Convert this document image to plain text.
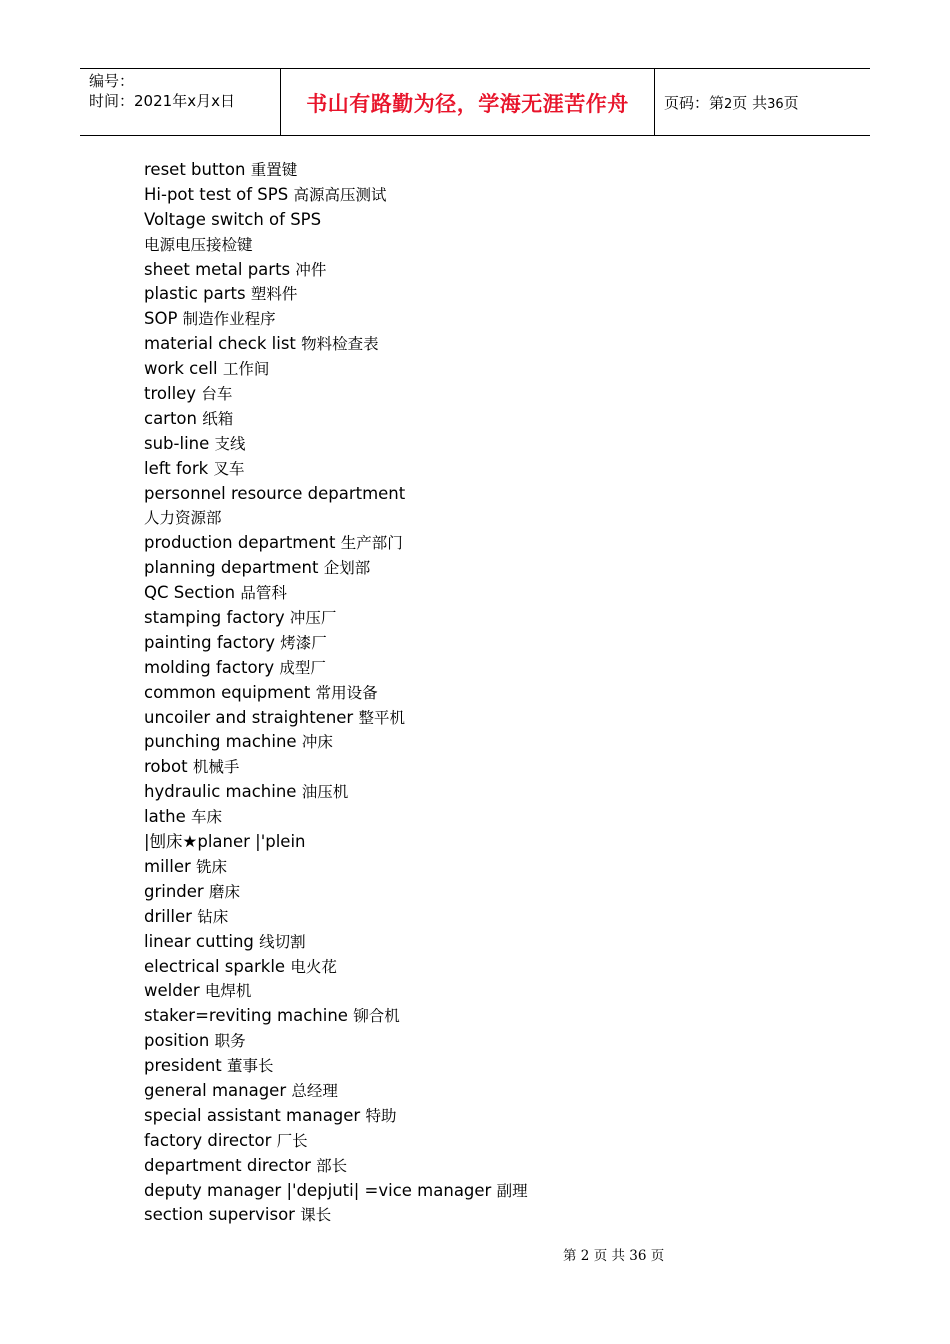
编号：
时间：2021年x月x日	书山有路勤为径，学海无涯苦作舟	页码：第2页 共36页
reset button 重置键
Hi-pot test of SPS 高源高压测试
Voltage switch of SPS
电源电压接检键
sheet metal parts 冲件
plastic parts 塑料件
SOP 制造作业程序
material check list 物料检查表
work cell 工作间
trolley 台车
carton 纸箱
sub-line 支线
left fork 叉车
personnel resource department
人力资源部
production department 生产部门
planning department 企划部
QC Section 品管科
stamping factory 冲压厂
painting factory 烤漆厂
molding factory 成型厂
common equipment 常用设备
uncoiler and straightener 整平机
punching machine 冲床
robot 机械手
hydraulic machine 油压机
lathe 车床
|刨床★planer |'plein
miller 铣床
grinder 磨床
driller 钻床
linear cutting 线切割
electrical sparkle 电火花
welder 电焊机
staker=reviting machine 铆合机
position 职务
president 董事长
general manager 总经理
special assistant manager 特助
factory director 厂长
department director 部长
deputy manager |'depjuti| =vice manager 副理
section supervisor 课长
第 2 页 共 36 页
